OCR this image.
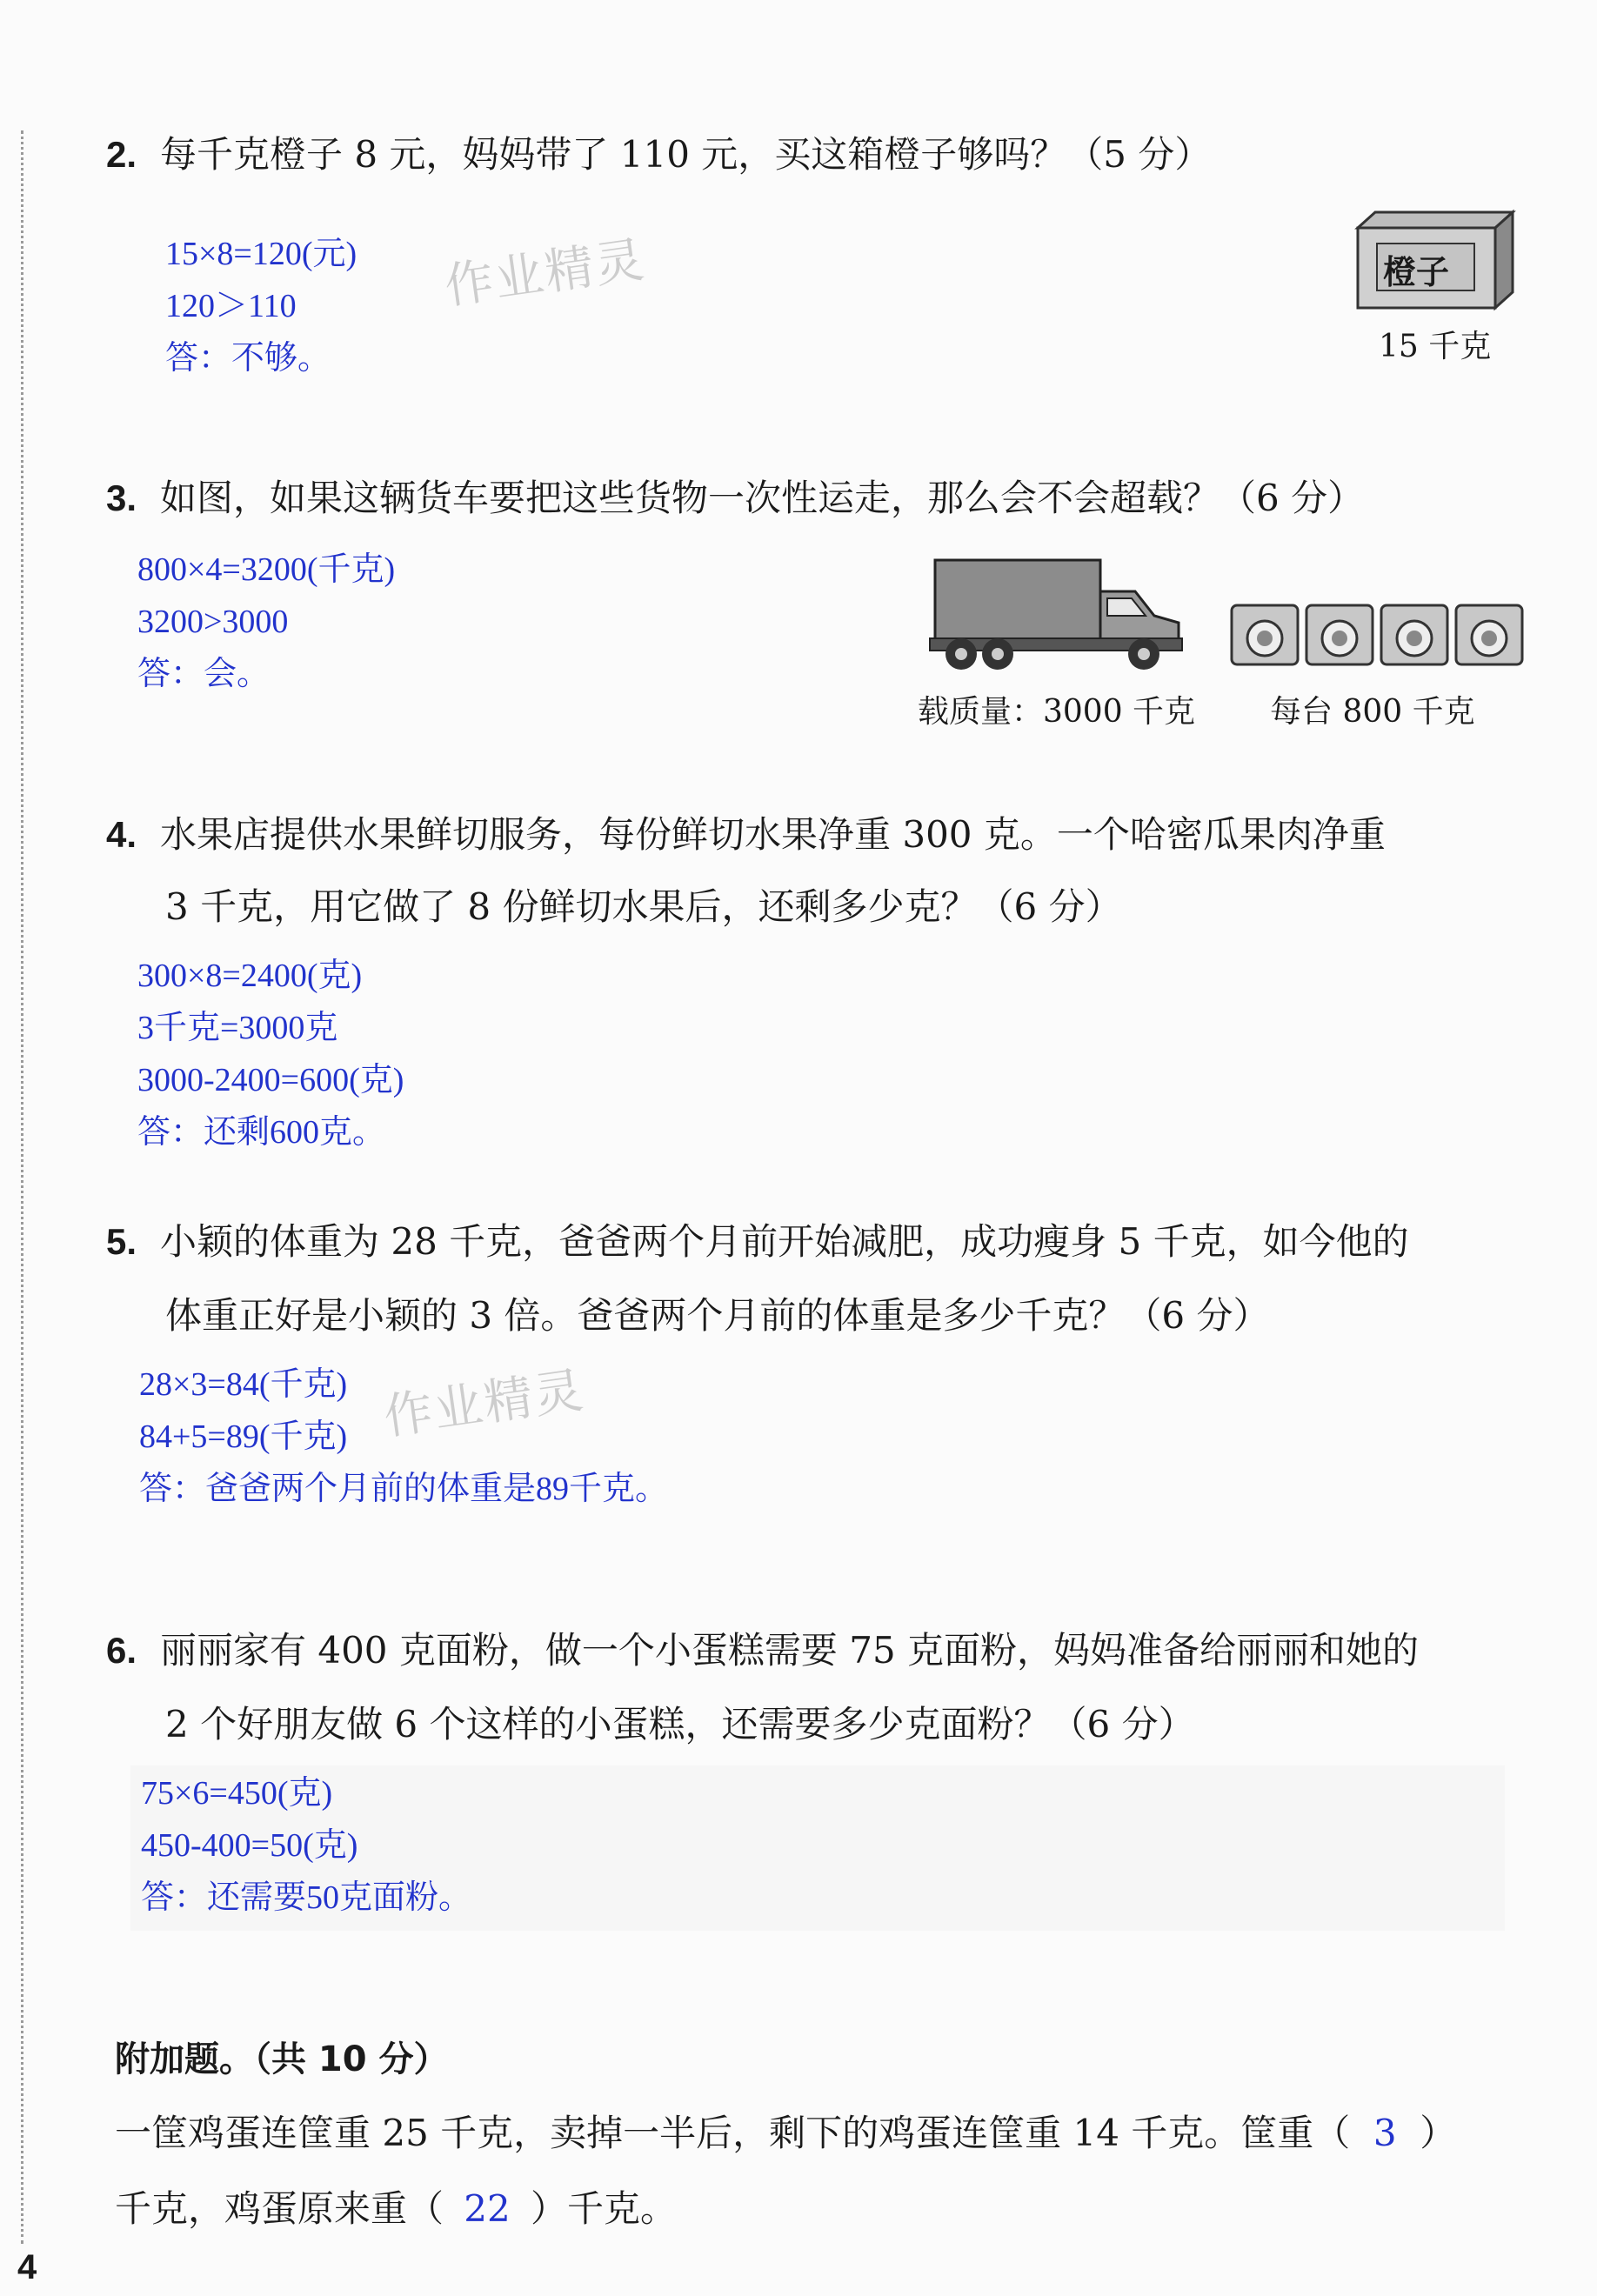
2. 每千克橙子 8 元，妈妈带了 110 元，买这箱橙子够吗？（5 分）
15×8=120(元)
120＞110
答：不够。
作业精灵	橙子
15 千克
3. 如图，如果这辆货车要把这些货物一次性运走，那么会不会超载？（6 分）
800×4=3200(千克)
3200>3000
答：会。
载质量：3000 千克 每台 800 千克
4. 水果店提供水果鲜切服务，每份鲜切水果净重 300 克。一个哈密瓜果肉净重
3 千克，用它做了 8 份鲜切水果后，还剩多少克？（6 分）
300×8=2400(克)
3千克=3000克
3000-2400=600(克)
答：还剩600克。
5. 小颖的体重为 28 千克，爸爸两个月前开始减肥，成功瘦身 5 千克，如今他的
体重正好是小颖的 3 倍。爸爸两个月前的体重是多少千克？（6 分）
28×3=84(千克)
84+5=89(千克)
答：爸爸两个月前的体重是89千克。
作业精灵
6. 丽丽家有 400 克面粉，做一个小蛋糕需要 75 克面粉，妈妈准备给丽丽和她的
2 个好朋友做 6 个这样的小蛋糕，还需要多少克面粉？（6 分）
75×6=450(克)
450-400=50(克)
答：还需要50克面粉。
附加题。（共 10 分）
一筐鸡蛋连筐重 25 千克，卖掉一半后，剩下的鸡蛋连筐重 14 千克。筐重（ 3 ）
千克，鸡蛋原来重（ 22 ）千克。
4
